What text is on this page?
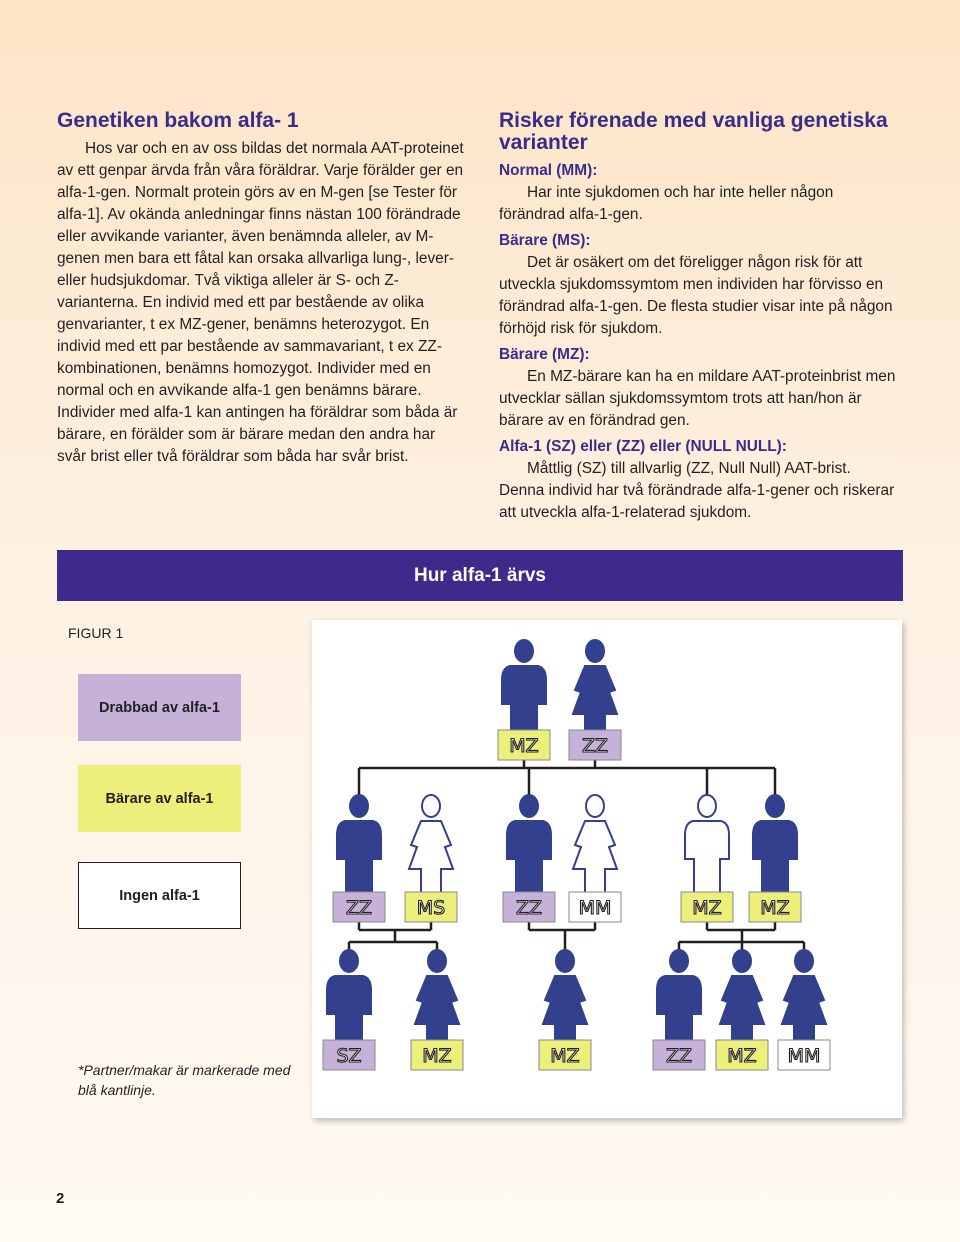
Genetiken bakom alfa- 1

Hos var och en av oss bildas det normala AAT-proteinet av ett genpar ärvda från våra föräldrar. Varje förälder ger en alfa-1-gen. Normalt protein görs av en M-gen [se Tester för alfa-1]. Av okända anledningar finns nästan 100 förändrade eller avvikande varianter, även benämnda alleler, av M-genen men bara ett fåtal kan orsaka allvarliga lung-, lever- eller hudsjukdomar. Två viktiga alleler är S- och Z-varianterna. En individ med ett par bestående av olika genvarianter, t ex MZ-gener, benämns heterozygot. En individ med ett par bestående av sammavariant, t ex ZZ-kombinationen, benämns homozygot. Individer med en normal och en avvikande alfa-1 gen benämns bärare. Individer med alfa-1 kan antingen ha föräldrar som båda är bärare, en förälder som är bärare medan den andra har svår brist eller två föräldrar som båda har svår brist.

Risker förenade med vanliga genetiska varianter

Normal (MM):

Har inte sjukdomen och har inte heller någon förändrad alfa-1-gen.

Bärare (MS):

Det är osäkert om det föreligger någon risk för att utveckla sjukdomssymtom men individen har förvisso en förändrad alfa-1-gen. De flesta studier visar inte på någon förhöjd risk för sjukdom.

Bärare (MZ):

En MZ-bärare kan ha en mildare AAT-proteinbrist men utvecklar sällan sjukdomssymtom trots att han/hon är bärare av en förändrad gen.

Alfa-1 (SZ) eller (ZZ) eller (NULL NULL):

Måttlig (SZ) till allvarlig (ZZ, Null Null) AAT-brist. Denna individ har två förändrade alfa-1-gener och riskerar att utveckla alfa-1-relaterad sjukdom.

Hur alfa-1 ärvs
FIGUR 1
Drabbad av alfa-1
Bärare av alfa-1
Ingen alfa-1
*Partner/makar är markerade med blå kantlinje.
MZ ZZ
ZZ MS	ZZ MM	MZ MZ
SZ	MZ	MZ	ZZ MZ MM
2
